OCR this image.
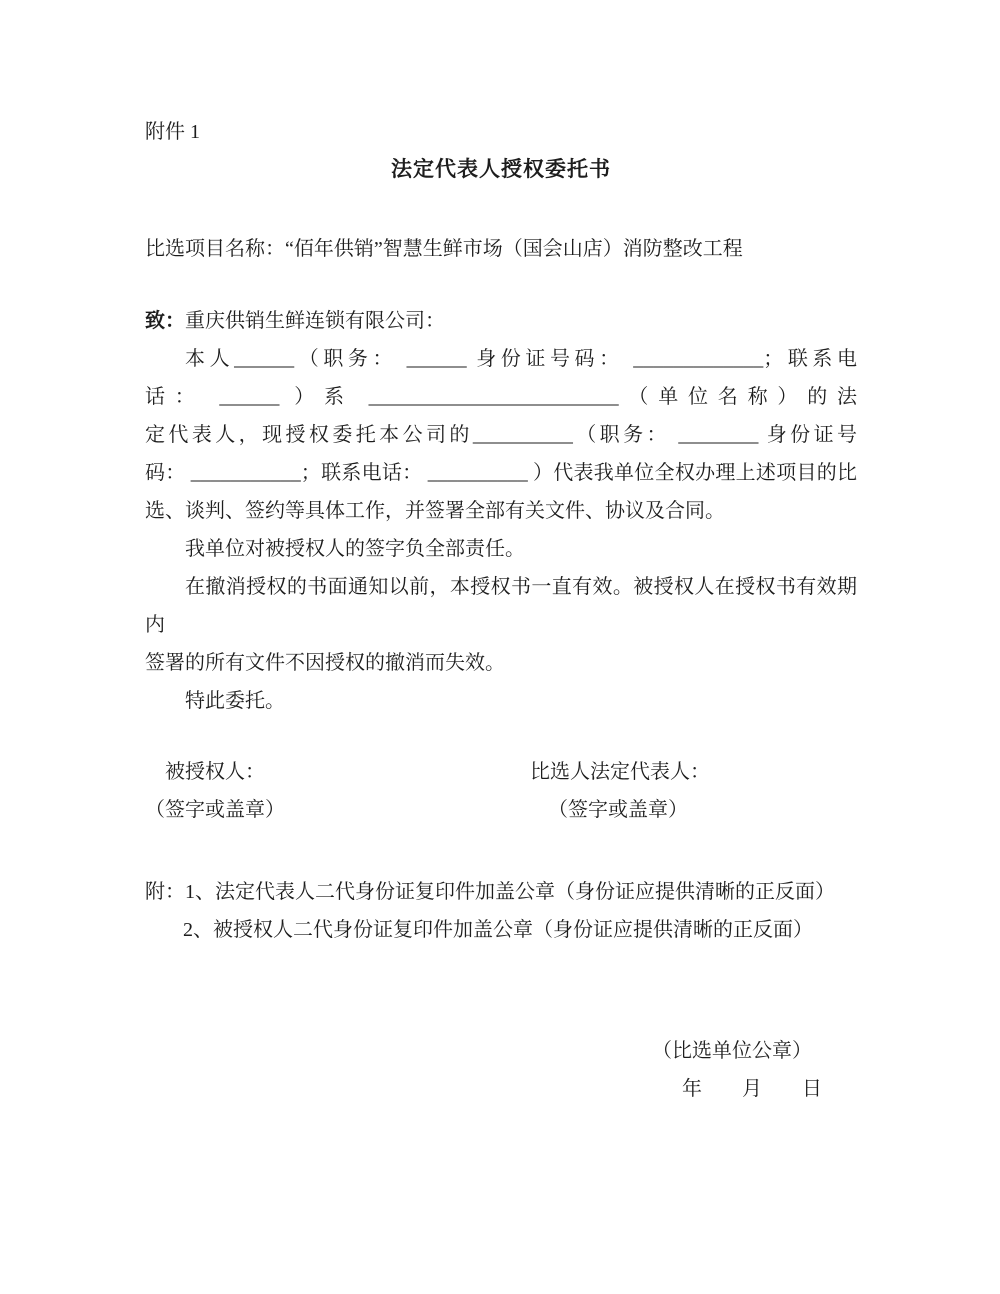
附件 1
法定代表人授权委托书
比选项目名称：“佰年供销”智慧生鲜市场（国会山店）消防整改工程
致：重庆供销生鲜连锁有限公司：
本人______（职务： ______ 身份证号码： _____________；联系电
话： ______ ）系 _________________________（单位名称）的法
定代表人，现授权委托本公司的__________（职务： ________ 身份证号
码： ___________；联系电话： __________ ）代表我单位全权办理上述项目的比
选、谈判、签约等具体工作，并签署全部有关文件、协议及合同。
我单位对被授权人的签字负全部责任。
在撤消授权的书面通知以前，本授权书一直有效。被授权人在授权书有效期内
签署的所有文件不因授权的撤消而失效。
特此委托。
被授权人：	比选人法定代表人：
（签字或盖章）	（签字或盖章）
附：1、法定代表人二代身份证复印件加盖公章（身份证应提供清晰的正反面）
2、被授权人二代身份证复印件加盖公章（身份证应提供清晰的正反面）
（比选单位公章）
年　　月　　日
